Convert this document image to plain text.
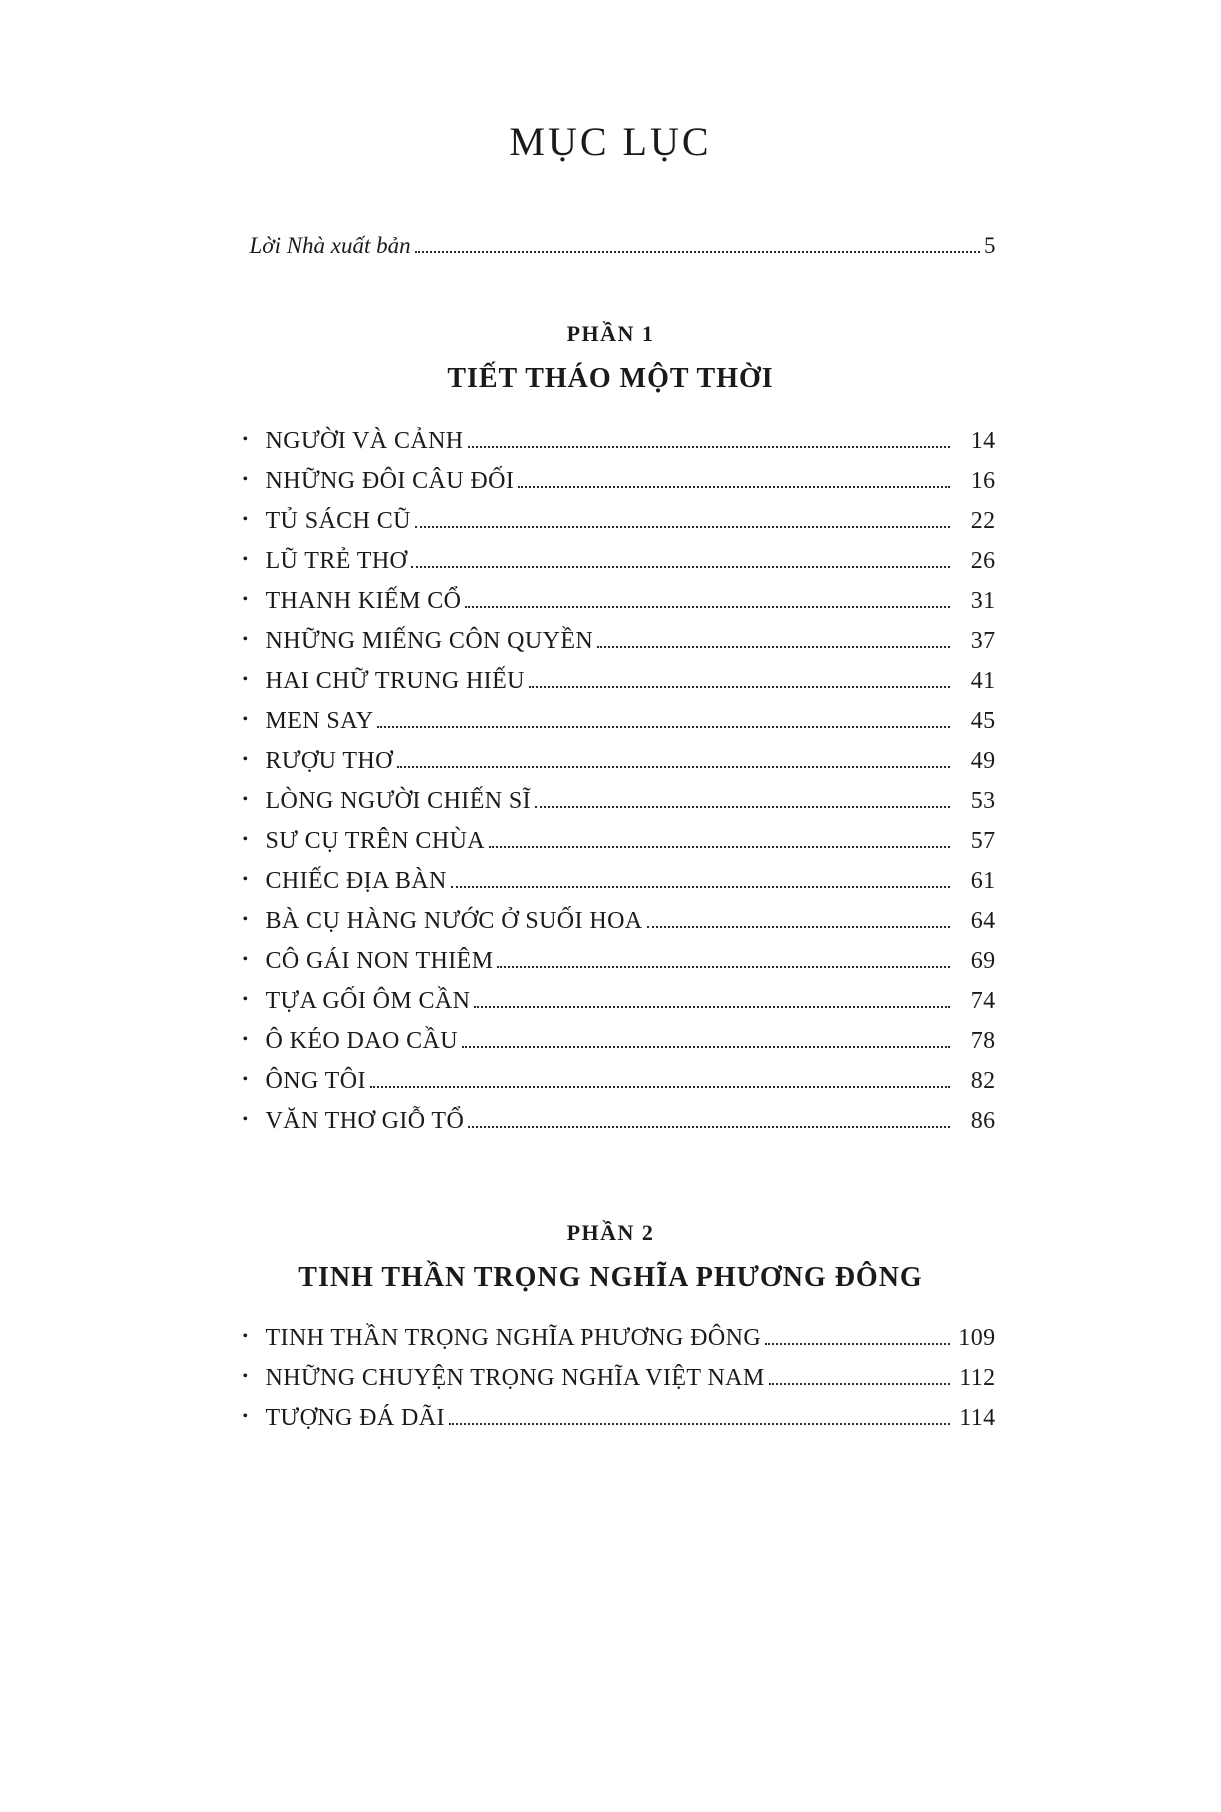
MỤC LỤC
Lời Nhà xuất bản	5
PHẦN 1
TIẾT THÁO MỘT THỜI
•
NGƯỜI VÀ CẢNH	14
•
NHỮNG ĐÔI CÂU ĐỐI	16
•
TỦ SÁCH CŨ	22
•
LŨ TRẺ THƠ	26
•
THANH KIẾM CỔ	31
•
NHỮNG MIẾNG CÔN QUYỀN	37
•
HAI CHỮ TRUNG HIẾU	41
•
MEN SAY	45
•
RƯỢU THƠ	49
•
LÒNG NGƯỜI CHIẾN SĨ	53
•
SƯ CỤ TRÊN CHÙA	57
•
CHIẾC ĐỊA BÀN	61
•
BÀ CỤ HÀNG NƯỚC Ở SUỐI HOA	64
•
CÔ GÁI NON THIÊM	69
•
TỰA GỐI ÔM CẦN	74
•
Ô KÉO DAO CẦU	78
•
ÔNG TÔI	82
•
VĂN THƠ GIỖ TỔ	86
PHẦN 2
TINH THẦN TRỌNG NGHĨA PHƯƠNG ĐÔNG
•
TINH THẦN TRỌNG NGHĨA PHƯƠNG ĐÔNG	109
•
NHỮNG CHUYỆN TRỌNG NGHĨA VIỆT NAM	112
•
TƯỢNG ĐÁ DÃI	114
